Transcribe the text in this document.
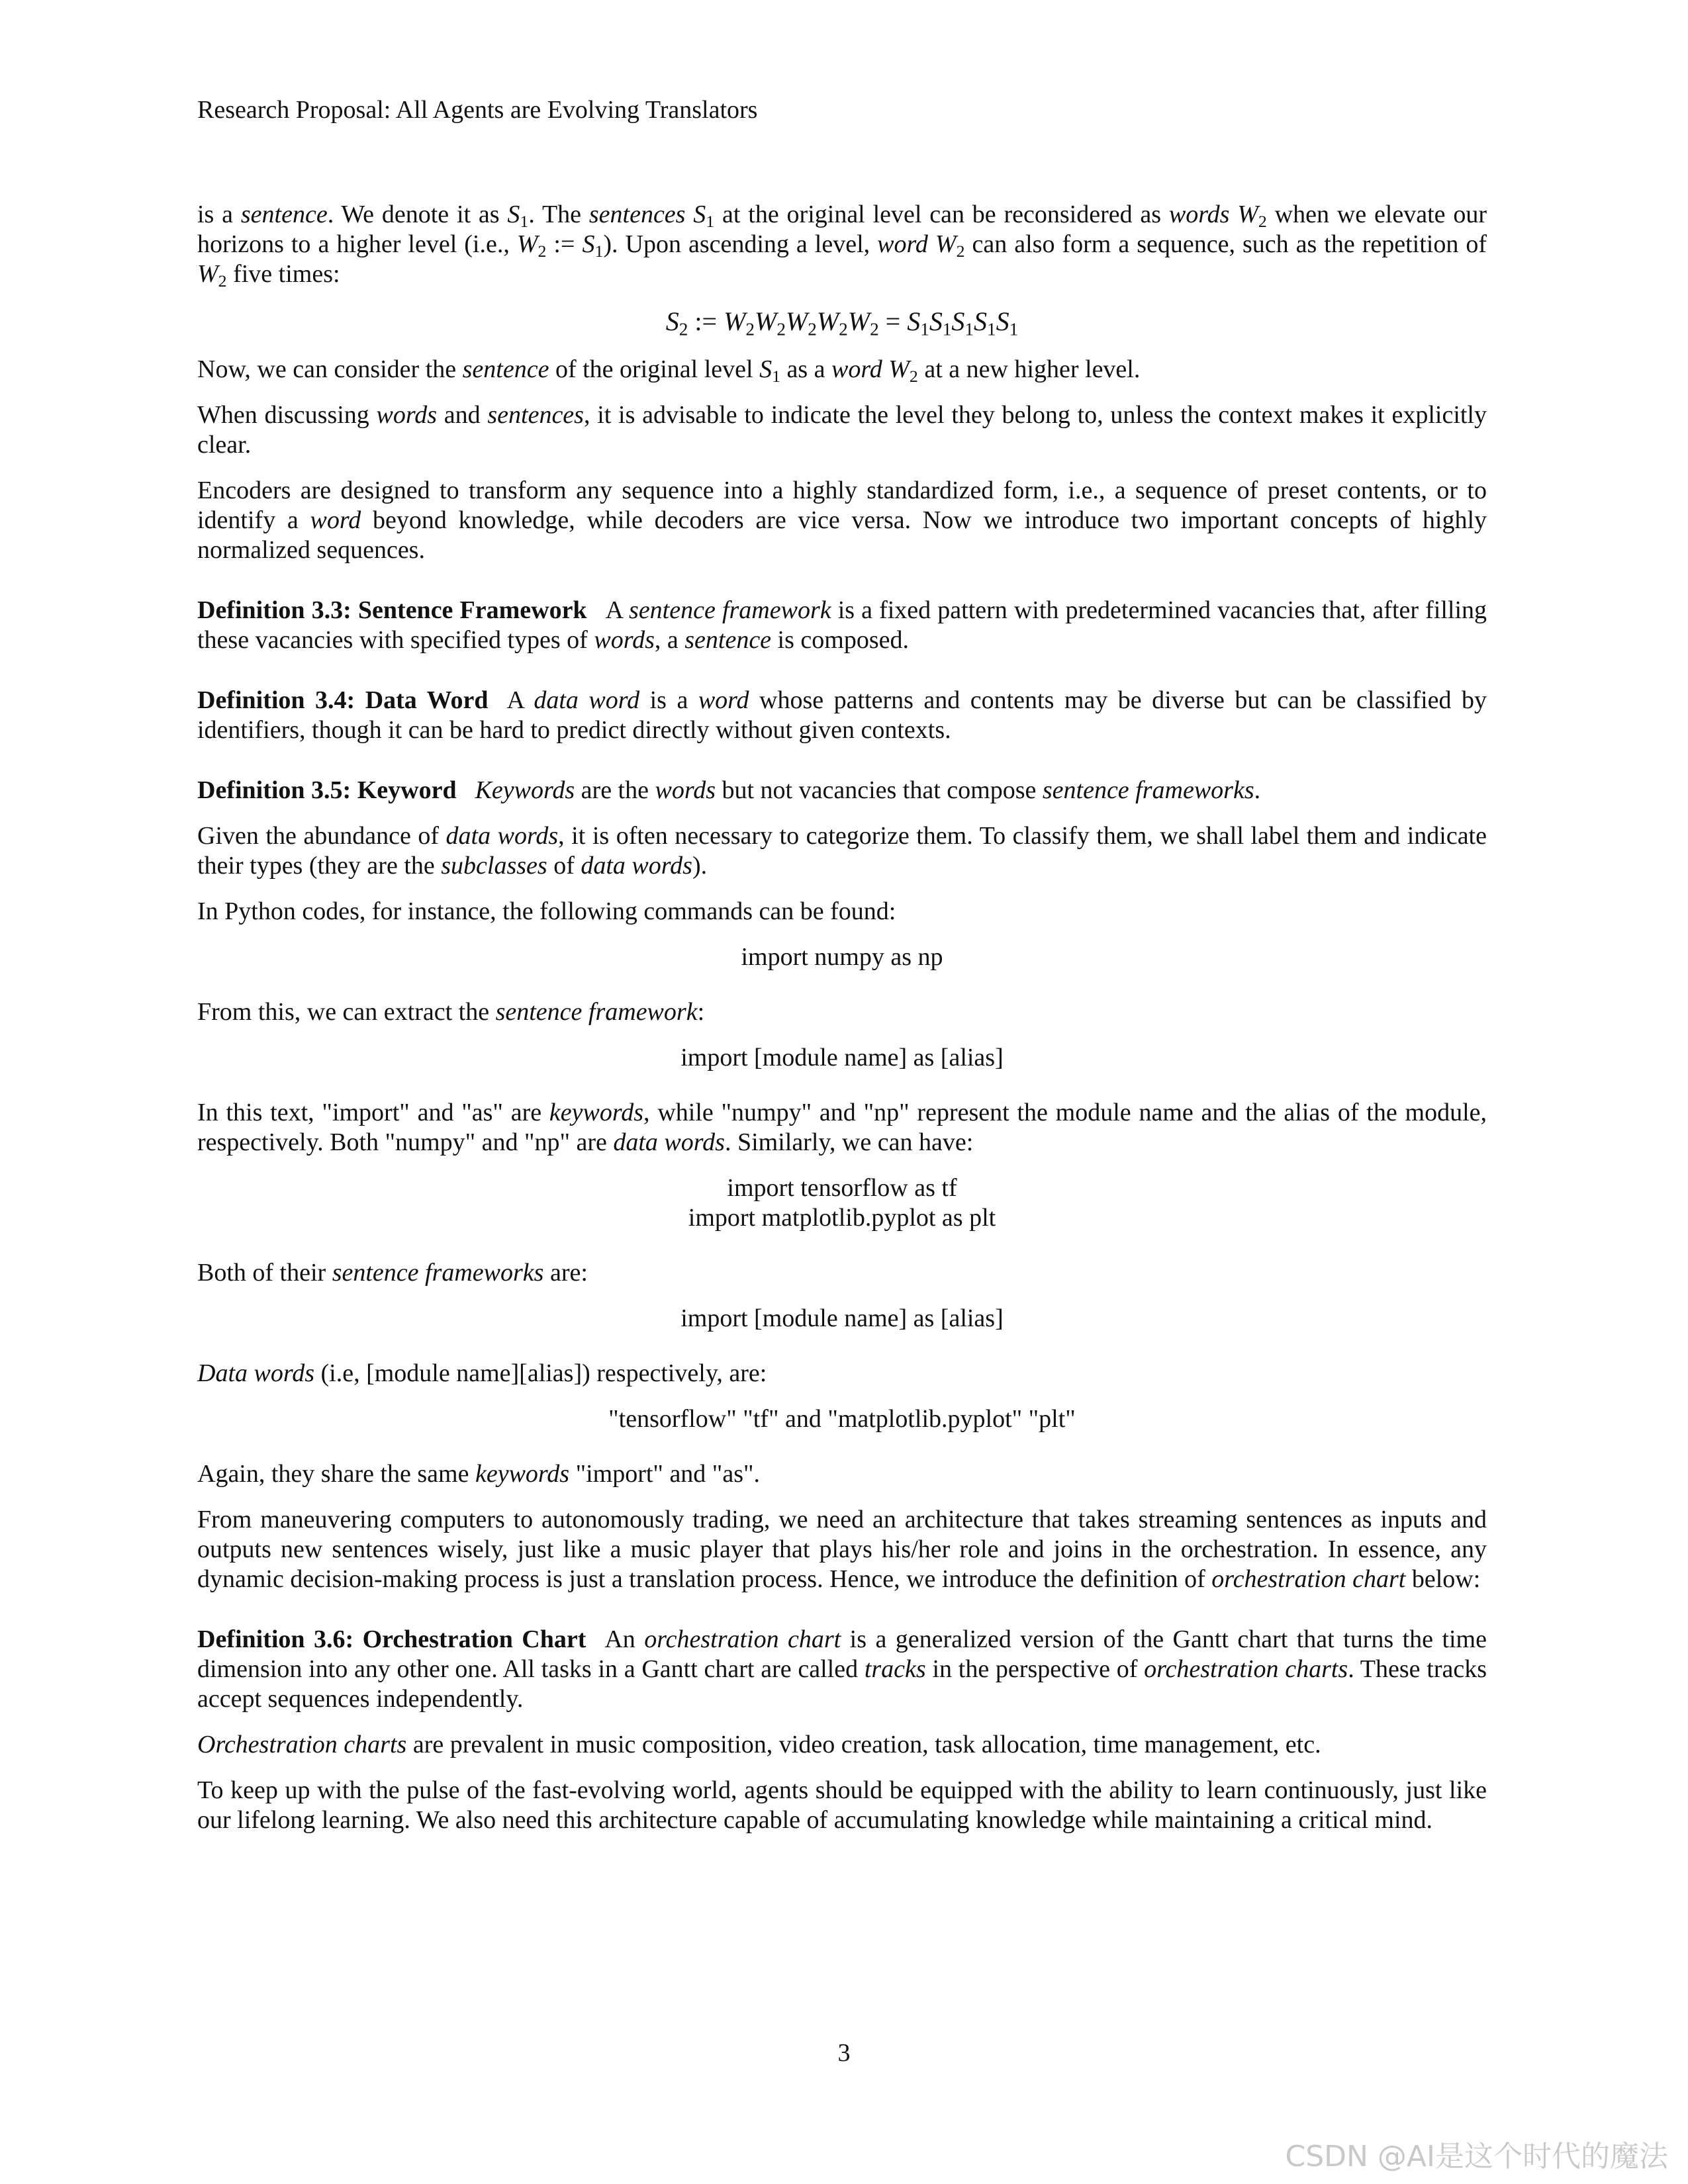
Research Proposal: All Agents are Evolving Translators

is a sentence. We denote it as $S_1$. The sentences $S_1$ at the original level can be reconsidered as words $W_2$ when we elevate our horizons to a higher level (i.e., $W_2$ := $S_1$). Upon ascending a level, word $W_2$ can also form a sequence, such as the repetition of $W_2$ five times:

$S_2$ := $W_2W_2W_2W_2W_2 = S_1S_1S_1S_1S_1$

Now, we can consider the sentence of the original level $S_1$ as a word $W_2$ at a new higher level.

When discussing words and sentences, it is advisable to indicate the level they belong to, unless the context makes it explicitly clear.

Encoders are designed to transform any sequence into a highly standardized form, i.e., a sequence of preset contents, or to identify a word beyond knowledge, while decoders are vice versa. Now we introduce two important concepts of highly normalized sequences.

Definition 3.3: Sentence Framework A sentence framework is a fixed pattern with predetermined vacancies that, after filling these vacancies with specified types of words, a sentence is composed.

Definition 3.4: Data Word A data word is a word whose patterns and contents may be diverse but can be classified by identifiers, though it can be hard to predict directly without given contexts.

Definition 3.5: Keyword Keywords are the words but not vacancies that compose sentence frameworks.

Given the abundance of data words, it is often necessary to categorize them. To classify them, we shall label them and indicate their types (they are the subclasses of data words).

In Python codes, for instance, the following commands can be found:

import numpy as np

From this, we can extract the sentence framework:

import [module name] as [alias]

In this text, "import" and "as" are keywords, while "numpy" and "np" represent the module name and the alias of the module, respectively. Both "numpy" and "np" are data words. Similarly, we can have:

import tensorflow as tf
import matplotlib.pyplot as plt

Both of their sentence frameworks are:

import [module name] as [alias]

Data words (i.e, [module name][alias]) respectively, are:

"tensorflow" "tf" and "matplotlib.pyplot" "plt"

Again, they share the same keywords "import" and "as".

From maneuvering computers to autonomously trading, we need an architecture that takes streaming sentences as inputs and outputs new sentences wisely, just like a music player that plays his/her role and joins in the orchestration. In essence, any dynamic decision-making process is just a translation process. Hence, we introduce the definition of orchestration chart below:

Definition 3.6: Orchestration Chart An orchestration chart is a generalized version of the Gantt chart that turns the time dimension into any other one. All tasks in a Gantt chart are called tracks in the perspective of orchestration charts. These tracks accept sequences independently.

Orchestration charts are prevalent in music composition, video creation, task allocation, time management, etc.

To keep up with the pulse of the fast-evolving world, agents should be equipped with the ability to learn continuously, just like our lifelong learning. We also need this architecture capable of accumulating knowledge while maintaining a critical mind.

3
CSDN @AI是这个时代的魔法
